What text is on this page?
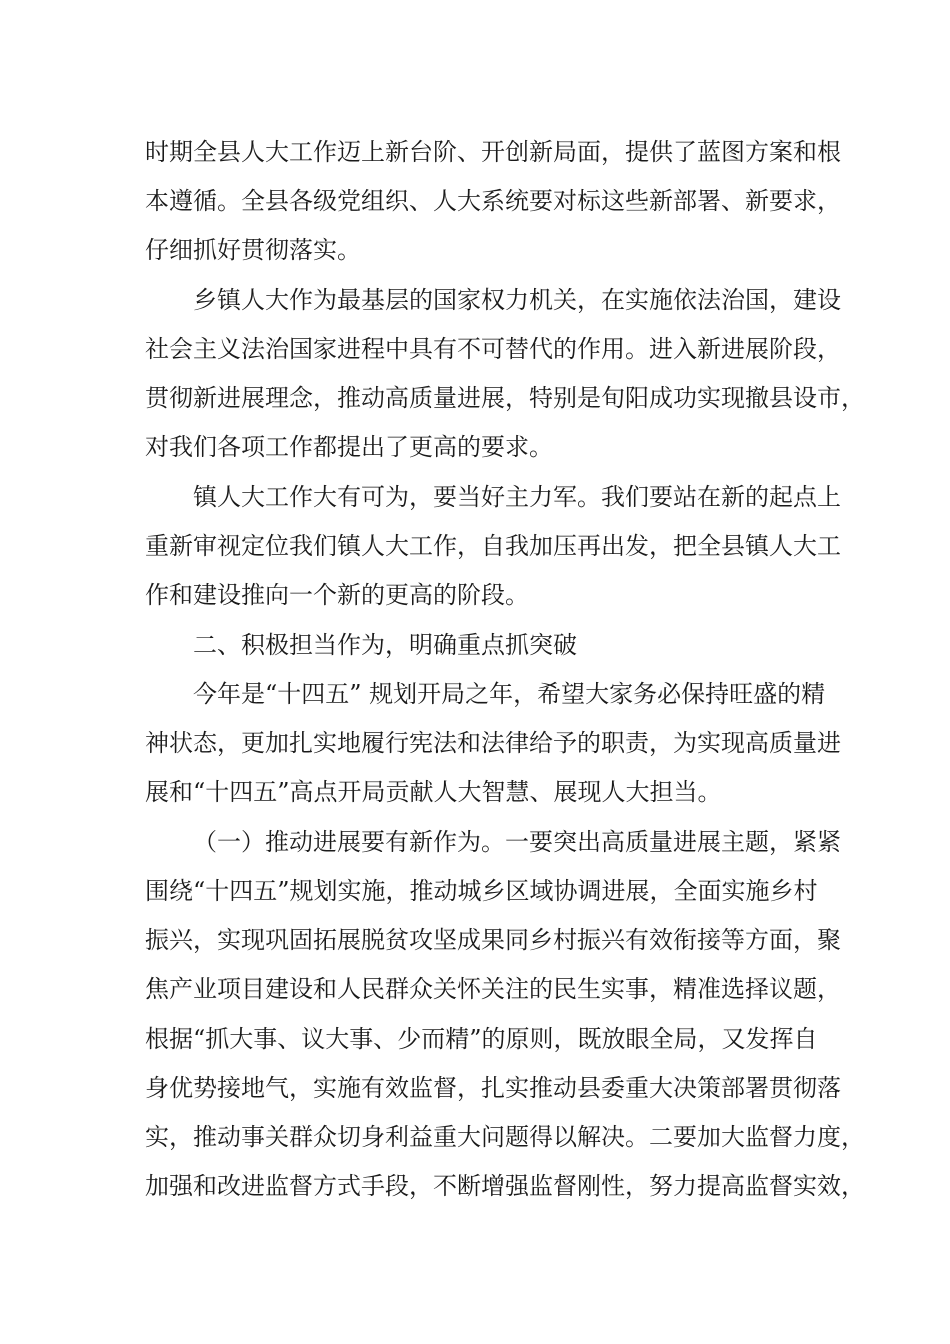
时期全县人大工作迈上新台阶、开创新局面，提供了蓝图方案和根
本遵循。全县各级党组织、人大系统要对标这些新部署、新要求，
仔细抓好贯彻落实。
乡镇人大作为最基层的国家权力机关，在实施依法治国，建设
社会主义法治国家进程中具有不可替代的作用。进入新进展阶段，
贯彻新进展理念，推动高质量进展，特别是旬阳成功实现撤县设市，
对我们各项工作都提出了更高的要求。
镇人大工作大有可为，要当好主力军。我们要站在新的起点上
重新审视定位我们镇人大工作，自我加压再出发，把全县镇人大工
作和建设推向一个新的更高的阶段。
二、积极担当作为，明确重点抓突破
今年是“十四五” 规划开局之年，希望大家务必保持旺盛的精
神状态，更加扎实地履行宪法和法律给予的职责，为实现高质量进
展和“十四五”高点开局贡献人大智慧、展现人大担当。
（一）推动进展要有新作为。一要突出高质量进展主题，紧紧
围绕“十四五”规划实施，推动城乡区域协调进展，全面实施乡村
振兴，实现巩固拓展脱贫攻坚成果同乡村振兴有效衔接等方面，聚
焦产业项目建设和人民群众关怀关注的民生实事，精准选择议题，
根据“抓大事、议大事、少而精”的原则，既放眼全局，又发挥自
身优势接地气，实施有效监督，扎实推动县委重大决策部署贯彻落
实，推动事关群众切身利益重大问题得以解决。二要加大监督力度，
加强和改进监督方式手段，不断增强监督刚性，努力提高监督实效，
